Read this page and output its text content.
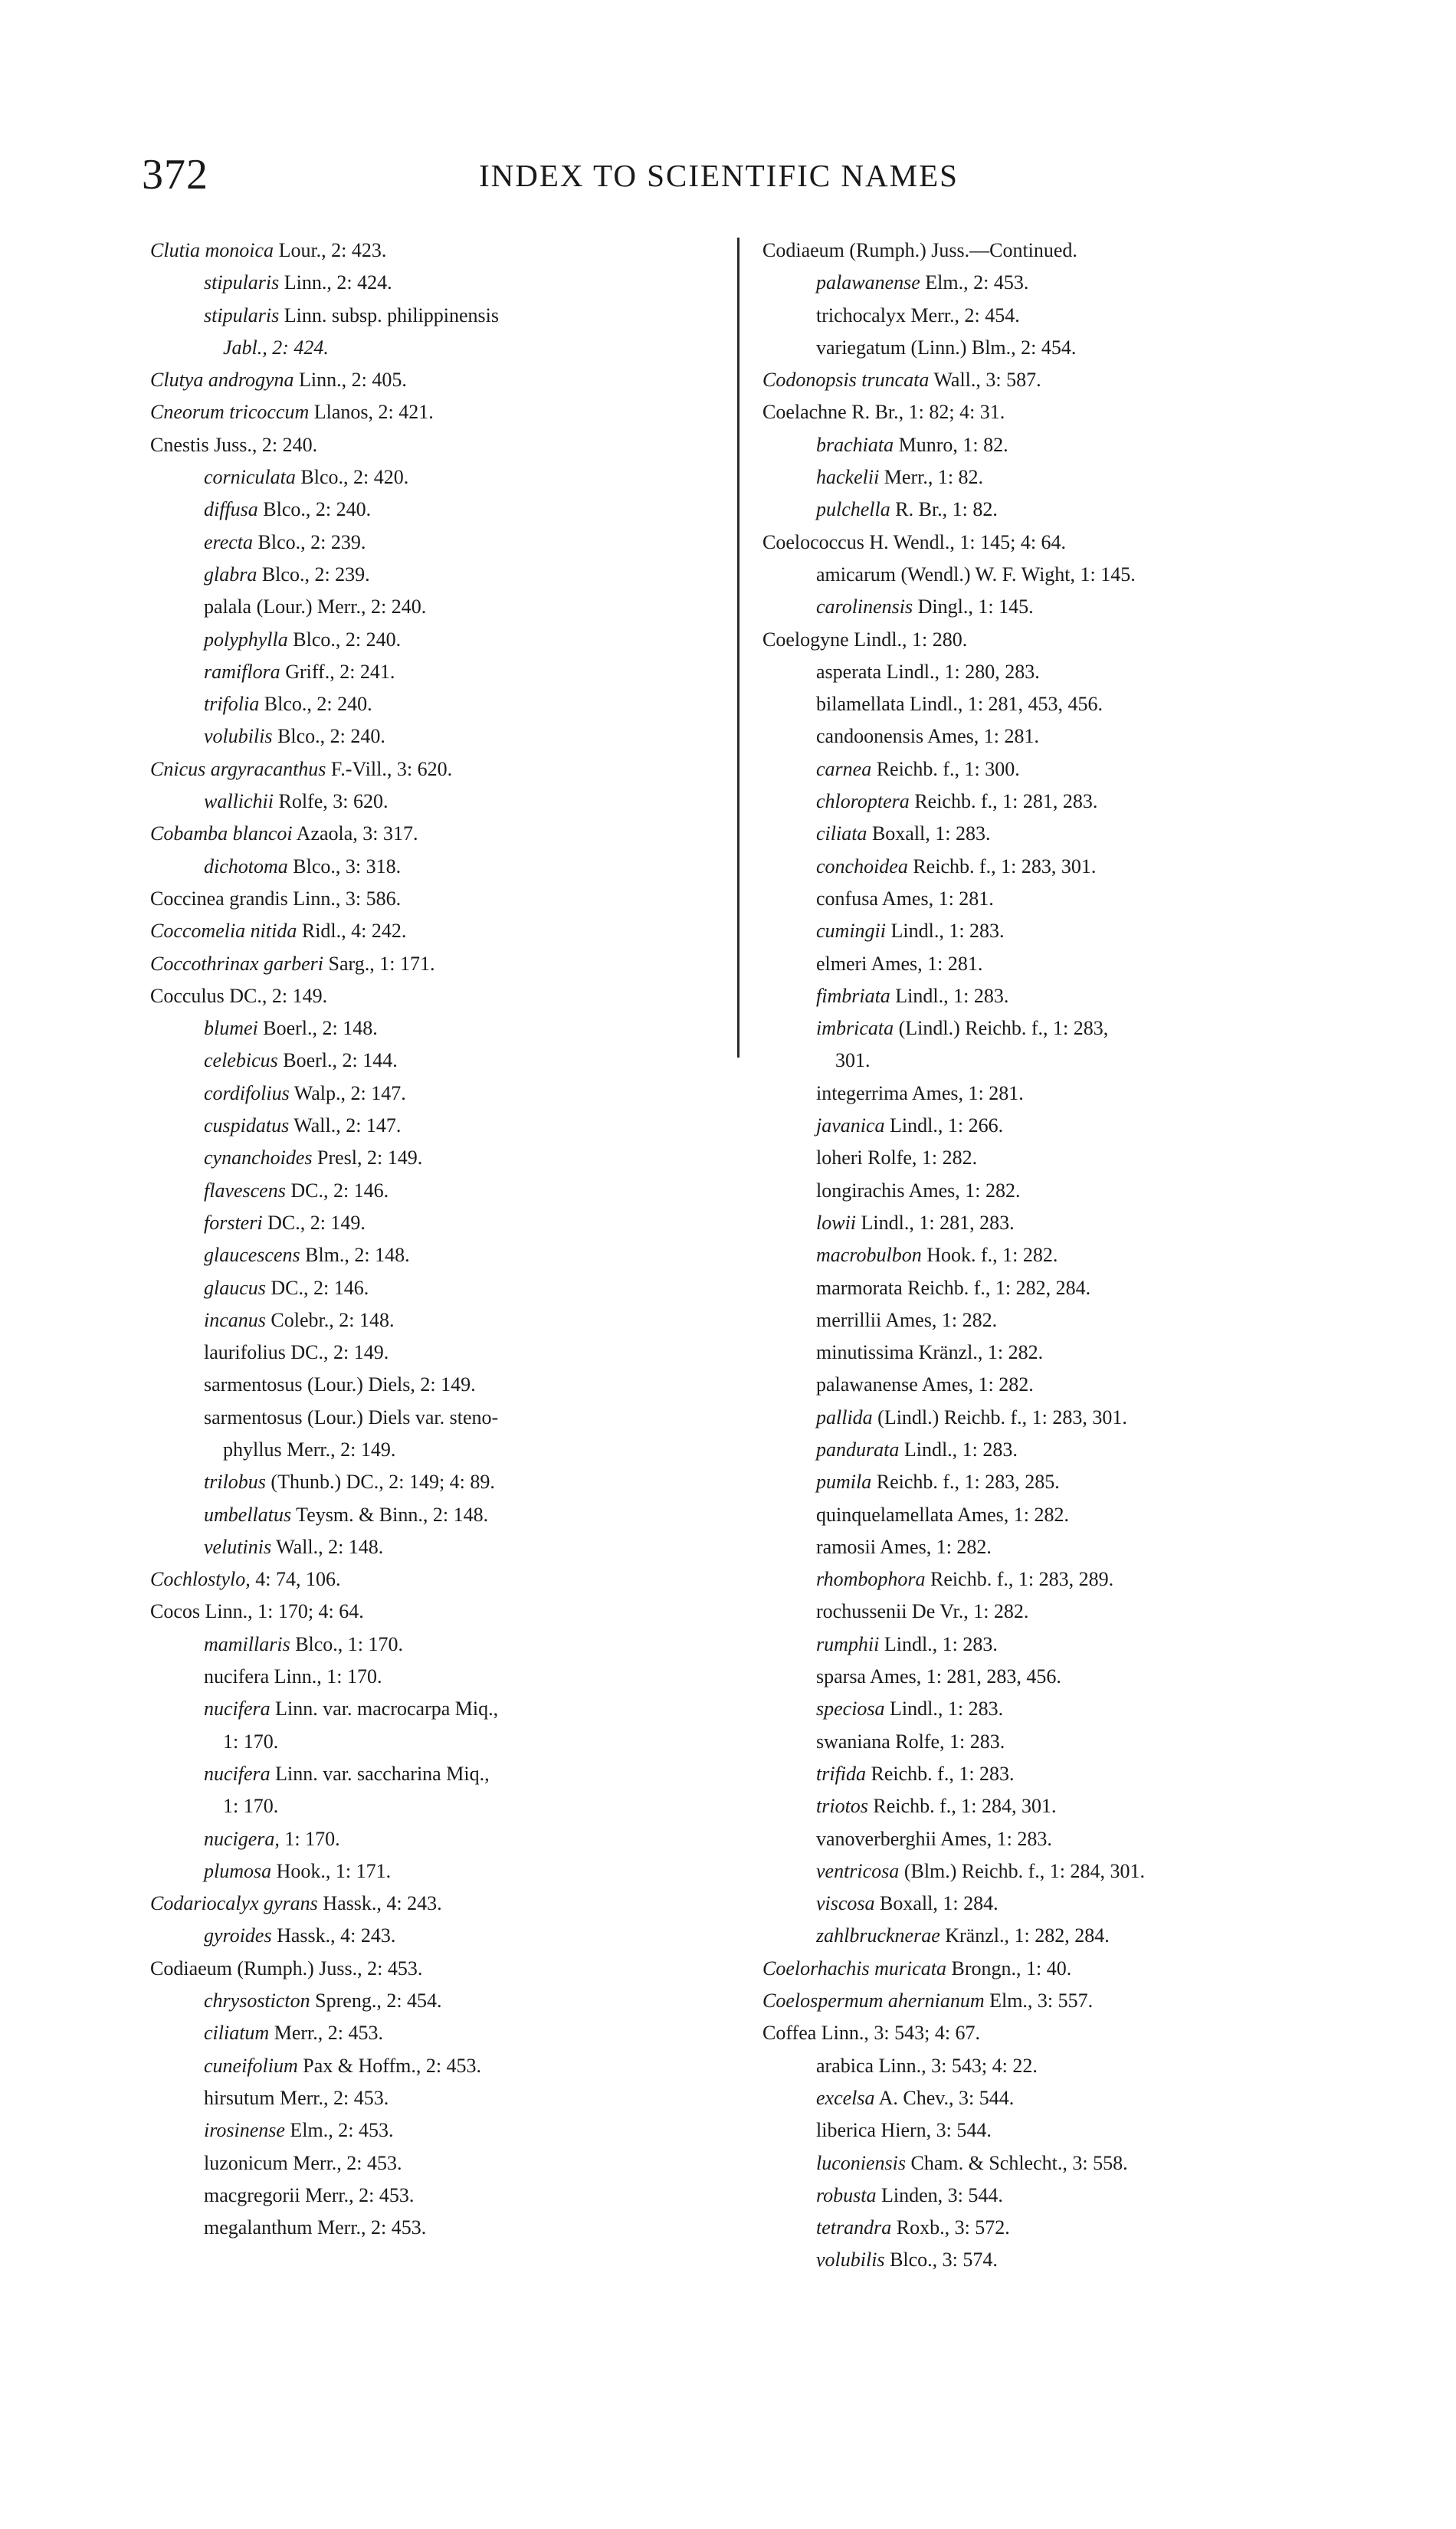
372	INDEX TO SCIENTIFIC NAMES
Clutia monoica Lour., 2: 423.
stipularis Linn., 2: 424.
stipularis Linn. subsp. philippinensis
Jabl., 2: 424.
Clutya androgyna Linn., 2: 405.
Cneorum tricoccum Llanos, 2: 421.
Cnestis Juss., 2: 240.
corniculata Blco., 2: 420.
diffusa Blco., 2: 240.
erecta Blco., 2: 239.
glabra Blco., 2: 239.
palala (Lour.) Merr., 2: 240.
polyphylla Blco., 2: 240.
ramiflora Griff., 2: 241.
trifolia Blco., 2: 240.
volubilis Blco., 2: 240.
Cnicus argyracanthus F.-Vill., 3: 620.
wallichii Rolfe, 3: 620.
Cobamba blancoi Azaola, 3: 317.
dichotoma Blco., 3: 318.
Coccinea grandis Linn., 3: 586.
Coccomelia nitida Ridl., 4: 242.
Coccothrinax garberi Sarg., 1: 171.
Cocculus DC., 2: 149.
blumei Boerl., 2: 148.
celebicus Boerl., 2: 144.
cordifolius Walp., 2: 147.
cuspidatus Wall., 2: 147.
cynanchoides Presl, 2: 149.
flavescens DC., 2: 146.
forsteri DC., 2: 149.
glaucescens Blm., 2: 148.
glaucus DC., 2: 146.
incanus Colebr., 2: 148.
laurifolius DC., 2: 149.
sarmentosus (Lour.) Diels, 2: 149.
sarmentosus (Lour.) Diels var. steno-
phyllus Merr., 2: 149.
trilobus (Thunb.) DC., 2: 149; 4: 89.
umbellatus Teysm. & Binn., 2: 148.
velutinis Wall., 2: 148.
Cochlostylo, 4: 74, 106.
Cocos Linn., 1: 170; 4: 64.
mamillaris Blco., 1: 170.
nucifera Linn., 1: 170.
nucifera Linn. var. macrocarpa Miq.,
1: 170.
nucifera Linn. var. saccharina Miq.,
1: 170.
nucigera, 1: 170.
plumosa Hook., 1: 171.
Codariocalyx gyrans Hassk., 4: 243.
gyroides Hassk., 4: 243.
Codiaeum (Rumph.) Juss., 2: 453.
chrysosticton Spreng., 2: 454.
ciliatum Merr., 2: 453.
cuneifolium Pax & Hoffm., 2: 453.
hirsutum Merr., 2: 453.
irosinense Elm., 2: 453.
luzonicum Merr., 2: 453.
macgregorii Merr., 2: 453.
megalanthum Merr., 2: 453.
Codiaeum (Rumph.) Juss.—Continued.
palawanense Elm., 2: 453.
trichocalyx Merr., 2: 454.
variegatum (Linn.) Blm., 2: 454.
Codonopsis truncata Wall., 3: 587.
Coelachne R. Br., 1: 82; 4: 31.
brachiata Munro, 1: 82.
hackelii Merr., 1: 82.
pulchella R. Br., 1: 82.
Coelococcus H. Wendl., 1: 145; 4: 64.
amicarum (Wendl.) W. F. Wight, 1: 145.
carolinensis Dingl., 1: 145.
Coelogyne Lindl., 1: 280.
asperata Lindl., 1: 280, 283.
bilamellata Lindl., 1: 281, 453, 456.
candoonensis Ames, 1: 281.
carnea Reichb. f., 1: 300.
chloroptera Reichb. f., 1: 281, 283.
ciliata Boxall, 1: 283.
conchoidea Reichb. f., 1: 283, 301.
confusa Ames, 1: 281.
cumingii Lindl., 1: 283.
elmeri Ames, 1: 281.
fimbriata Lindl., 1: 283.
imbricata (Lindl.) Reichb. f., 1: 283,
301.
integerrima Ames, 1: 281.
javanica Lindl., 1: 266.
loheri Rolfe, 1: 282.
longirachis Ames, 1: 282.
lowii Lindl., 1: 281, 283.
macrobulbon Hook. f., 1: 282.
marmorata Reichb. f., 1: 282, 284.
merrillii Ames, 1: 282.
minutissima Kränzl., 1: 282.
palawanense Ames, 1: 282.
pallida (Lindl.) Reichb. f., 1: 283, 301.
pandurata Lindl., 1: 283.
pumila Reichb. f., 1: 283, 285.
quinquelamellata Ames, 1: 282.
ramosii Ames, 1: 282.
rhombophora Reichb. f., 1: 283, 289.
rochussenii De Vr., 1: 282.
rumphii Lindl., 1: 283.
sparsa Ames, 1: 281, 283, 456.
speciosa Lindl., 1: 283.
swaniana Rolfe, 1: 283.
trifida Reichb. f., 1: 283.
triotos Reichb. f., 1: 284, 301.
vanoverberghii Ames, 1: 283.
ventricosa (Blm.) Reichb. f., 1: 284, 301.
viscosa Boxall, 1: 284.
zahlbrucknerae Kränzl., 1: 282, 284.
Coelorhachis muricata Brongn., 1: 40.
Coelospermum ahernianum Elm., 3: 557.
Coffea Linn., 3: 543; 4: 67.
arabica Linn., 3: 543; 4: 22.
excelsa A. Chev., 3: 544.
liberica Hiern, 3: 544.
luconiensis Cham. & Schlecht., 3: 558.
robusta Linden, 3: 544.
tetrandra Roxb., 3: 572.
volubilis Blco., 3: 574.
